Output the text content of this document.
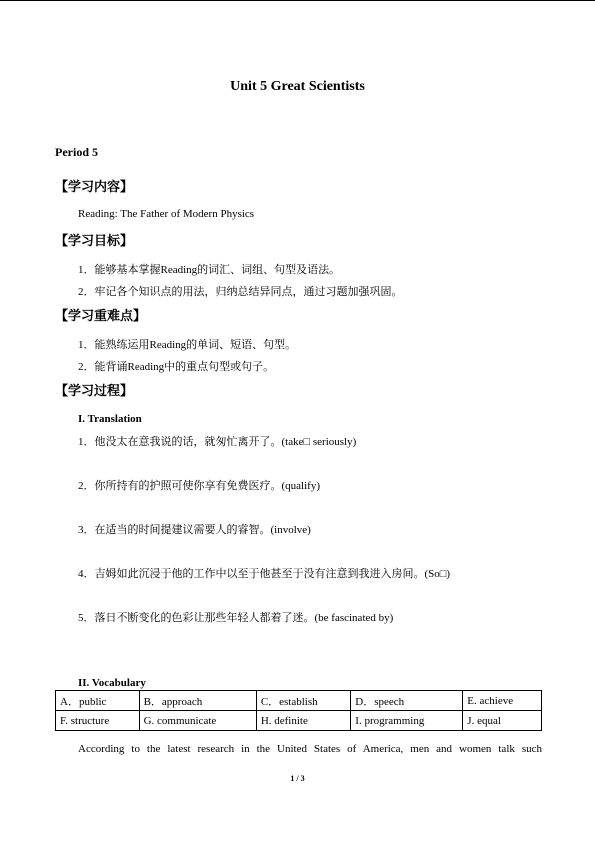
Unit 5 Great Scientists
Period 5
【学习内容】
Reading: The Father of Modern Physics
【学习目标】
1．能够基本掌握Reading的词汇、词组、句型及语法。
2．牢记各个知识点的用法，归纳总结异同点，通过习题加强巩固。
【学习重难点】
1．能熟练运用Reading的单词、短语、句型。
2．能背诵Reading中的重点句型或句子。
【学习过程】
I. Translation
1．他没太在意我说的话，就匆忙离开了。(take□ seriously)
2．你所持有的护照可使你享有免费医疗。(qualify)
3．在适当的时间提建议需要人的睿智。(involve)
4．吉姆如此沉浸于他的工作中以至于他甚至于没有注意到我进入房间。(So□)
5．落日不断变化的色彩让那些年轻人都着了迷。(be fascinated by)
II. Vocabulary
A．public	B．approach	C．establish	D．speech	E. achieve
F. structure	G. communicate	H. definite	I. programming	J. equal
According to the latest research in the United States of America, men and women talk such
1 / 3
